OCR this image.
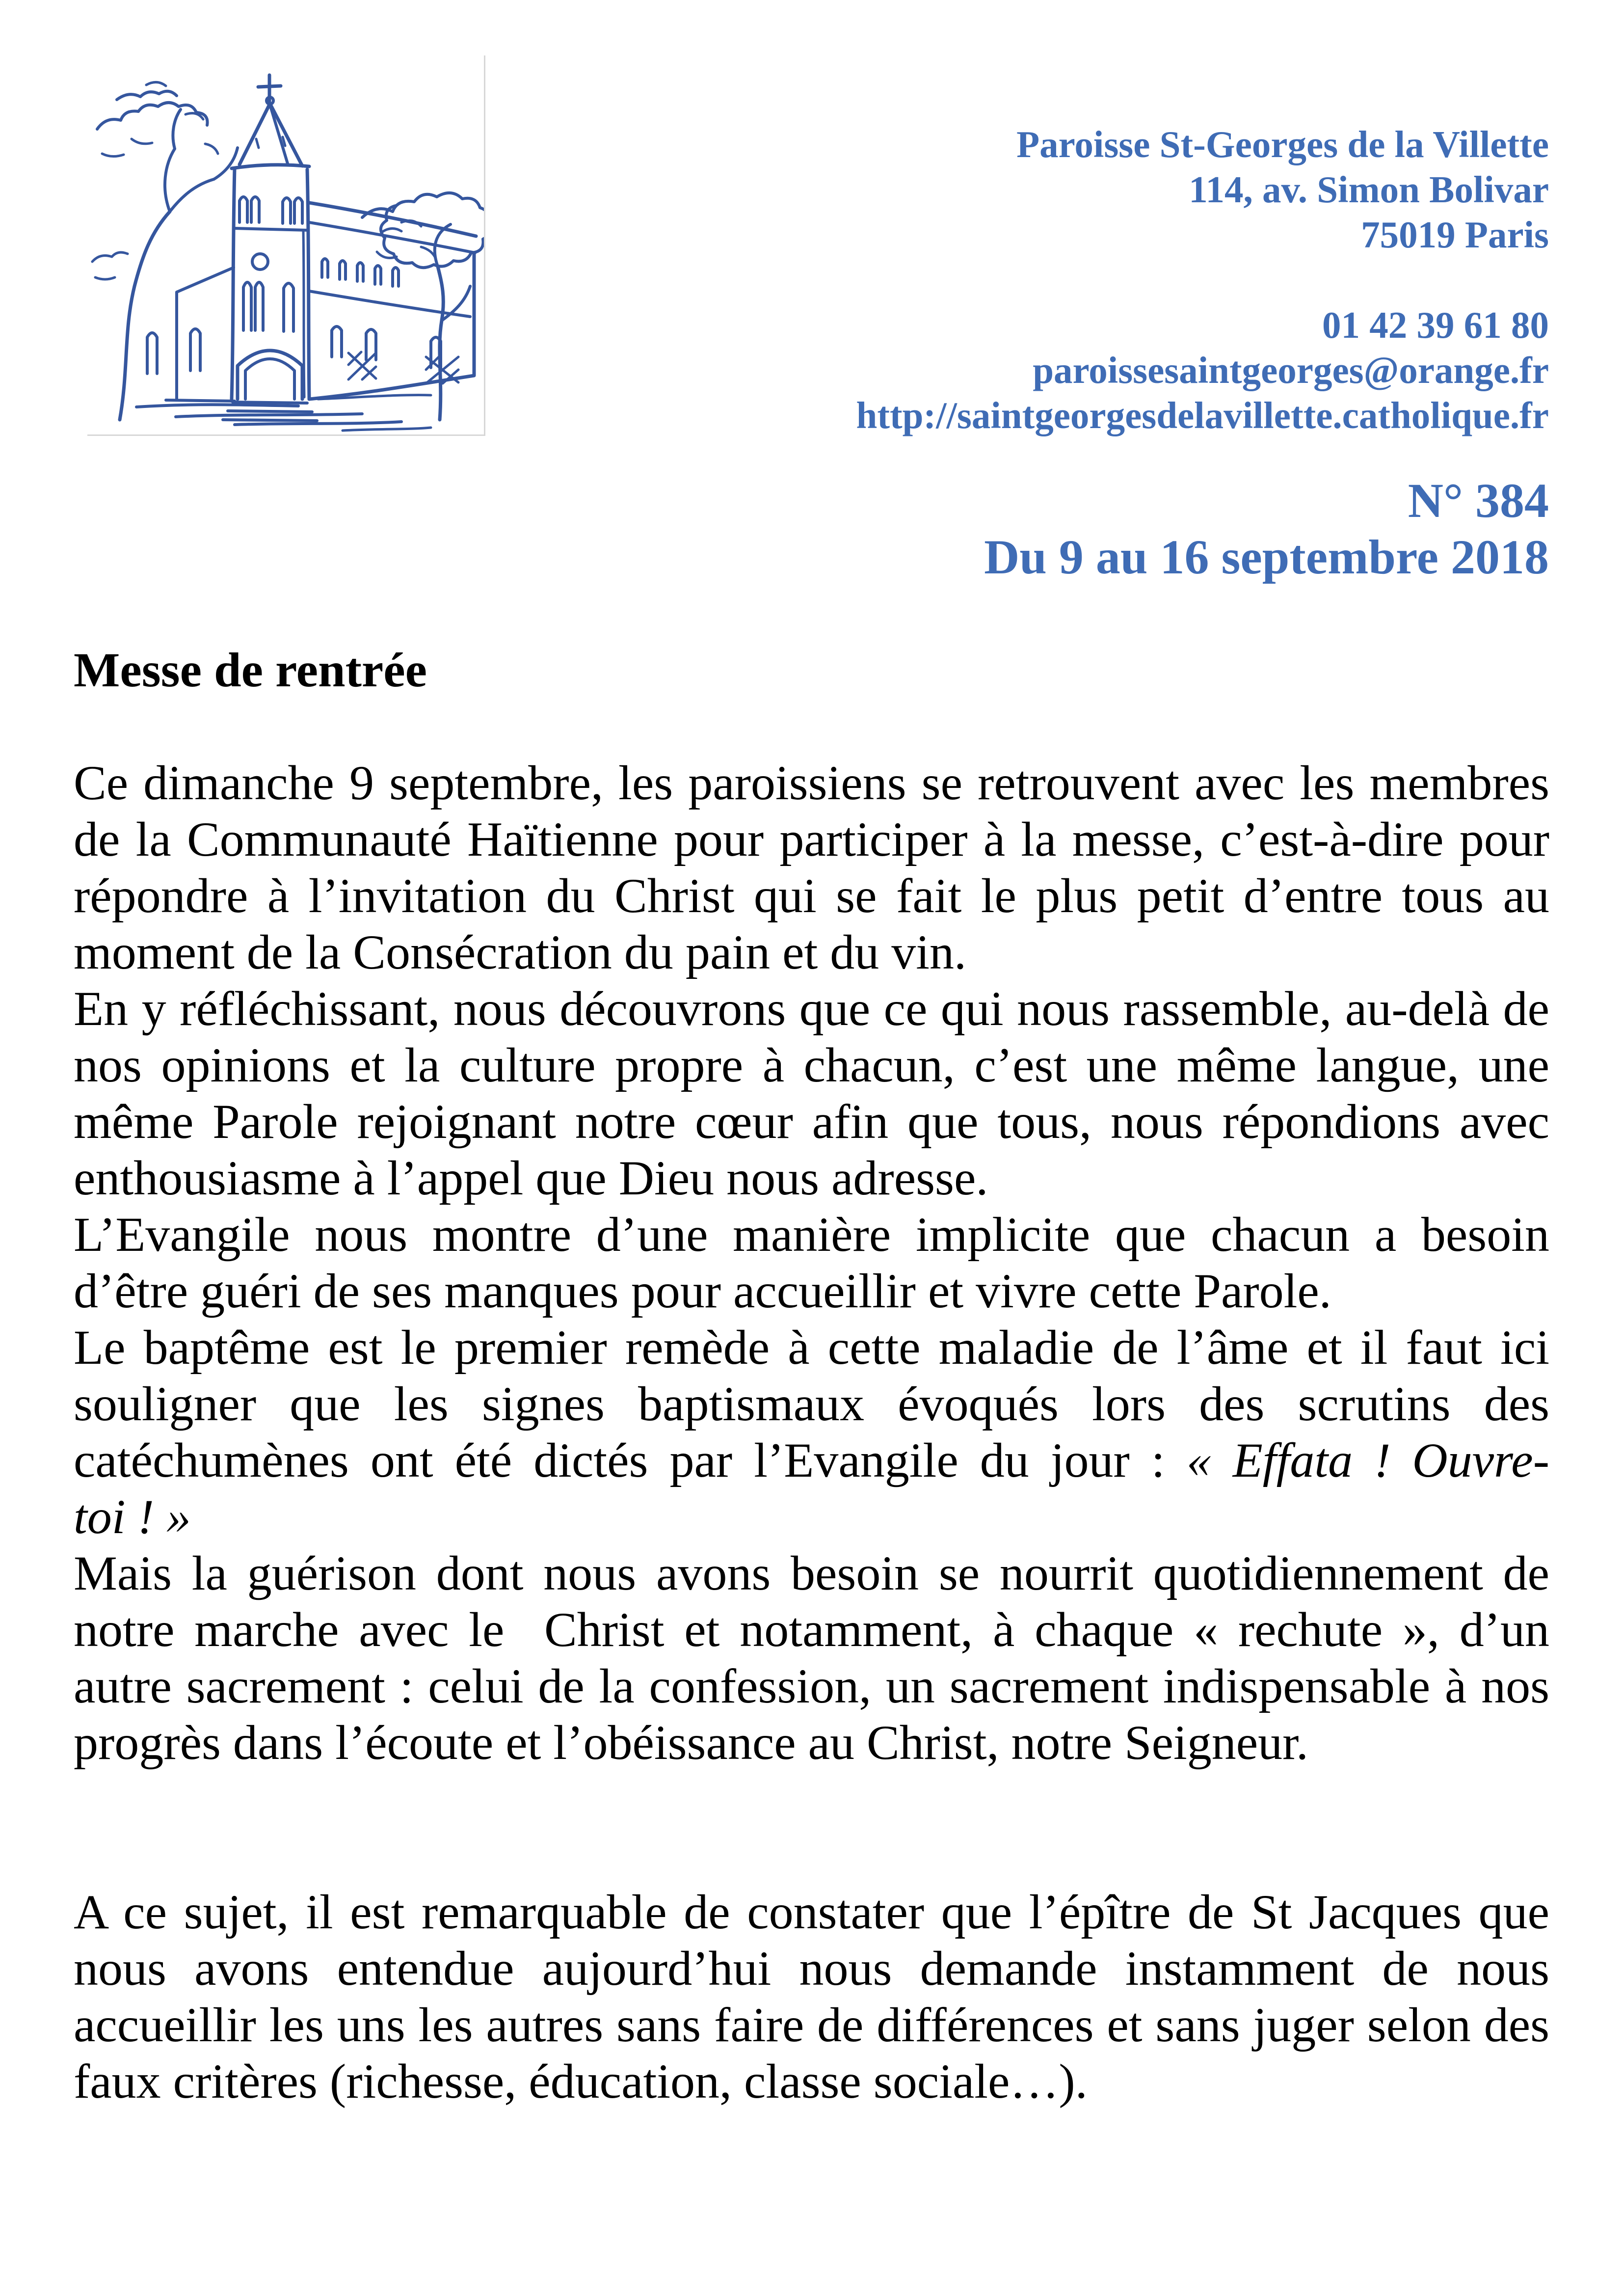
Paroisse St-Georges de la Villette
114, av. Simon Bolivar
75019 Paris
01 42 39 61 80
paroissesaintgeorges@orange.fr
http://saintgeorgesdelavillette.catholique.fr
N° 384
Du 9 au 16 septembre 2018
Messe de rentrée

Ce dimanche 9 septembre, les paroissiens se retrouvent avec les membres de la Communauté Haïtienne pour participer à la messe, c’est-à-dire pour répondre à l’invitation du Christ qui se fait le plus petit d’entre tous au moment de la Consécration du pain et du vin.

En y réfléchissant, nous découvrons que ce qui nous rassemble, au-delà de nos opinions et la culture propre à chacun, c’est une même langue, une même Parole rejoignant notre cœur afin que tous, nous répondions avec enthousiasme à l’appel que Dieu nous adresse.

L’Evangile nous montre d’une manière implicite que chacun a besoin d’être guéri de ses manques pour accueillir et vivre cette Parole.

Le baptême est le premier remède à cette maladie de l’âme et il faut ici souligner que les signes baptismaux évoqués lors des scrutins des catéchumènes ont été dictés par l’Evangile du jour : « Effata ! Ouvre-toi ! »

Mais la guérison dont nous avons besoin se nourrit quotidiennement de notre marche avec le  Christ et notamment, à chaque « rechute », d’un autre sacrement : celui de la confession, un sacrement indispensable à nos progrès dans l’écoute et l’obéissance au Christ, notre Seigneur.

A ce sujet, il est remarquable de constater que l’épître de St Jacques que nous avons entendue aujourd’hui nous demande instamment de nous accueillir les uns les autres sans faire de différences et sans juger selon des faux critères (richesse, éducation, classe sociale…).
